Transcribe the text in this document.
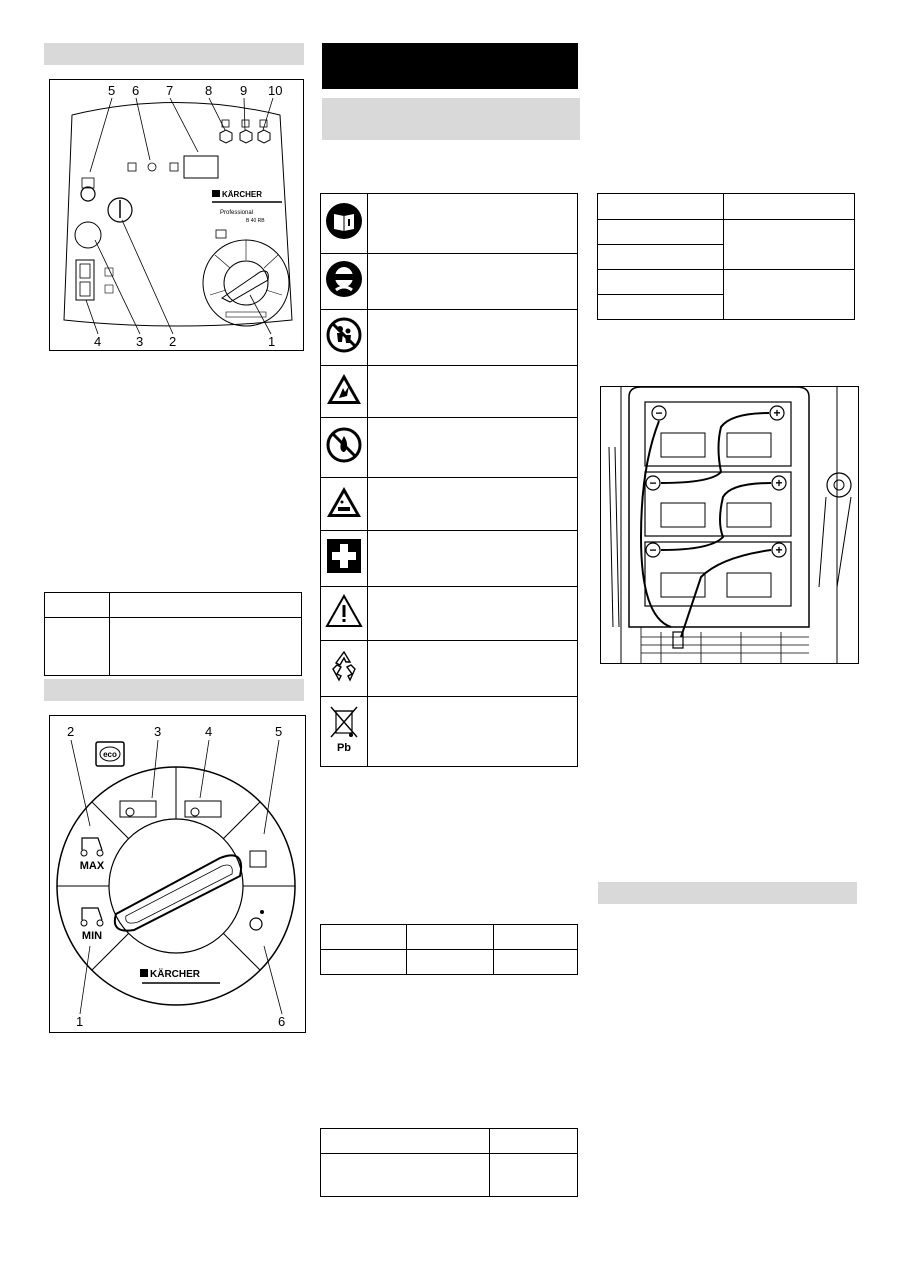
5 6 7 8 9 10
KÄRCHER
Professional
B 40 RB
4	3 2	1

2	3	4	5
1	6
eco
MAX
MIN
KÄRCHER

Pb	

−	+
−	+
−	+
